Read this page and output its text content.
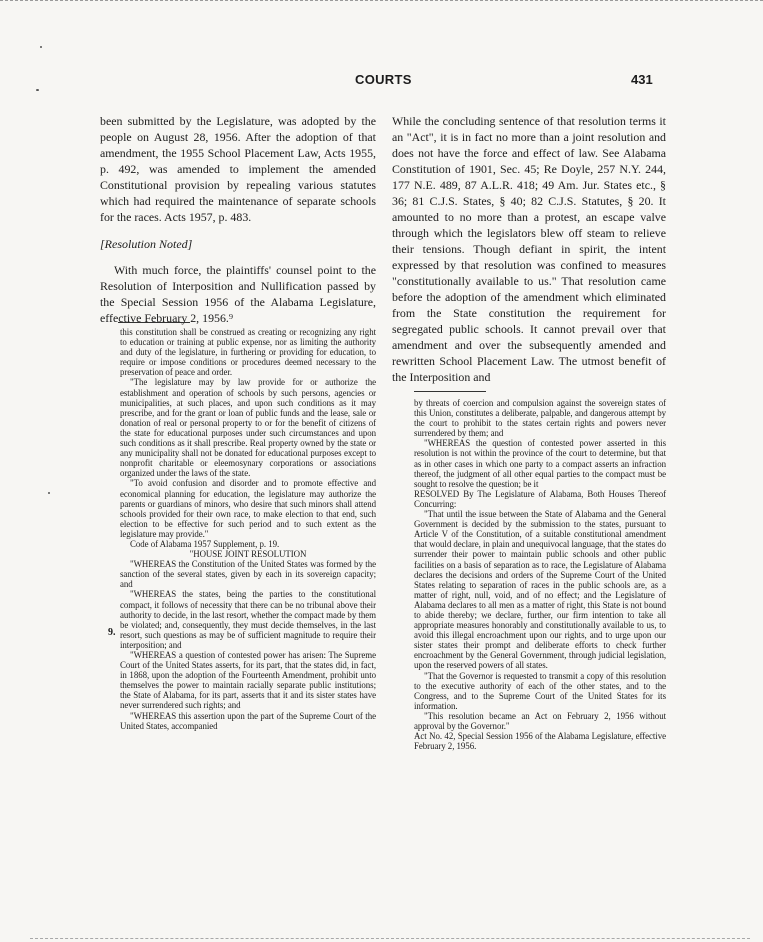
COURTS	431

been submitted by the Legislature, was adopted by the people on August 28, 1956. After the adoption of that amendment, the 1955 School Placement Law, Acts 1955, p. 492, was amended to implement the amended Constitutional provision by repealing various statutes which had required the maintenance of separate schools for the races. Acts 1957, p. 483.

[Resolution Noted]

With much force, the plaintiffs' counsel point to the Resolution of Interposition and Nullification passed by the Special Session 1956 of the Alabama Legislature, effective February 2, 1956.⁹

this constitution shall be construed as creating or recognizing any right to education or training at public expense, nor as limiting the authority and duty of the legislature, in furthering or providing for education, to require or impose conditions or procedures deemed necessary to the preservation of peace and order.

"The legislature may by law provide for or authorize the establishment and operation of schools by such persons, agencies or municipalities, at such places, and upon such conditions as it may prescribe, and for the grant or loan of public funds and the lease, sale or donation of real or personal property to or for the benefit of citizens of the state for educational purposes under such circumstances and upon such conditions as it shall prescribe. Real property owned by the state or any municipality shall not be donated for educational purposes except to nonprofit charitable or eleemosynary corporations or associations organized under the laws of the state.

"To avoid confusion and disorder and to promote effective and economical planning for education, the legislature may authorize the parents or guardians of minors, who desire that such minors shall attend schools provided for their own race, to make election to that end, such election to be effective for such period and to such extent as the legislature may provide."

Code of Alabama 1957 Supplement, p. 19.

"HOUSE JOINT RESOLUTION

"WHEREAS the Constitution of the United States was formed by the sanction of the several states, given by each in its sovereign capacity; and

"WHEREAS the states, being the parties to the constitutional compact, it follows of necessity that there can be no tribunal above their authority to decide, in the last resort, whether the compact made by them be violated; and, consequently, they must decide themselves, in the last resort, such questions as may be of sufficient magnitude to require their interposition; and

"WHEREAS a question of contested power has arisen: The Supreme Court of the United States asserts, for its part, that the states did, in fact, in 1868, upon the adoption of the Fourteenth Amendment, prohibit unto themselves the power to maintain racially separate public institutions; the State of Alabama, for its part, asserts that it and its sister states have never surrendered such rights; and

"WHEREAS this assertion upon the part of the Supreme Court of the United States, accompanied

9.

While the concluding sentence of that resolution terms it an "Act", it is in fact no more than a joint resolution and does not have the force and effect of law. See Alabama Constitution of 1901, Sec. 45; Re Doyle, 257 N.Y. 244, 177 N.E. 489, 87 A.L.R. 418; 49 Am. Jur. States etc., § 36; 81 C.J.S. States, § 40; 82 C.J.S. Statutes, § 20. It amounted to no more than a protest, an escape valve through which the legislators blew off steam to relieve their tensions. Though defiant in spirit, the intent expressed by that resolution was confined to measures "constitutionally available to us." That resolution came before the adoption of the amendment which eliminated from the State constitution the requirement for segregated public schools. It cannot prevail over that amendment and over the subsequently amended and rewritten School Placement Law. The utmost benefit of the Interposition and

by threats of coercion and compulsion against the sovereign states of this Union, constitutes a deliberate, palpable, and dangerous attempt by the court to prohibit to the states certain rights and powers never surrendered by them; and

"WHEREAS the question of contested power asserted in this resolution is not within the province of the court to determine, but that as in other cases in which one party to a compact asserts an infraction thereof, the judgment of all other equal parties to the compact must be sought to resolve the question; be it

RESOLVED By The Legislature of Alabama, Both Houses Thereof Concurring:

"That until the issue between the State of Alabama and the General Government is decided by the submission to the states, pursuant to Article V of the Constitution, of a suitable constitutional amendment that would declare, in plain and unequivocal language, that the states do surrender their power to maintain public schools and other public facilities on a basis of separation as to race, the Legislature of Alabama declares the decisions and orders of the Supreme Court of the United States relating to separation of races in the public schools are, as a matter of right, null, void, and of no effect; and the Legislature of Alabama declares to all men as a matter of right, this State is not bound to abide thereby; we declare, further, our firm intention to take all appropriate measures honorably and constitutionally available to us, to avoid this illegal encroachment upon our rights, and to urge upon our sister states their prompt and deliberate efforts to check further encroachment by the General Government, through judicial legislation, upon the reserved powers of all states.

"That the Governor is requested to transmit a copy of this resolution to the executive authority of each of the other states, and to the Congress, and to the Supreme Court of the United States for its information.

"This resolution became an Act on February 2, 1956 without approval by the Governor."

Act No. 42, Special Session 1956 of the Alabama Legislature, effective February 2, 1956.
